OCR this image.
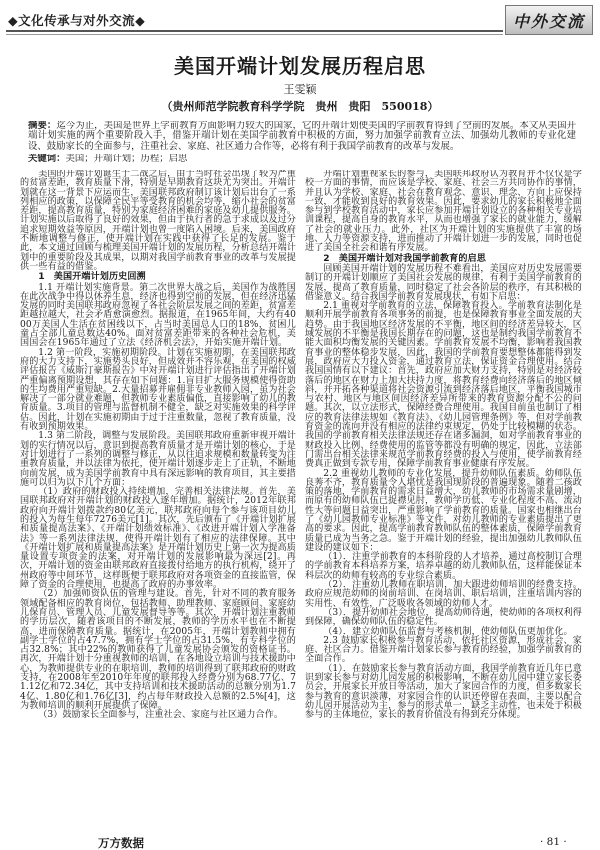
◆文化传承与对外交流◆	中外交流
美国开端计划发展历程启思
王雯颖
（贵州师范学院教育科学学院　贵州　贵阳　550018）
摘要：迄今为止，美国是世界上学前教育方面影响力较大的国家，它的开端计划使美国的学前教育得到了空前的发展。本文从美国开端计划实施的两个重要阶段入手，借鉴开端计划在美国学前教育中积极的方面，努力加强学前教育立法、加强幼儿教师的专业化建设、鼓励家长的全面参与，注重社会、家庭、社区通力合作等，必将有利于我国学前教育的改革与发展。
关键词：美国；开端计划；历程；启思

美国的开端计划诞生于二战之后，由于当时社会出现了较为严重的贫富差距，教育质量下滑，特别是早期教育这块尤为突出。开端计划就在这一背景下应运而生，美国联邦政府制订该计划后出台了一系列相应的政策，以保障全民平等受教育的机会均等，缩小社会的贫富差距，提高教育质量，特别为家庭经济困难的家庭及幼儿提供服务。计划实施以后取得了良好的效果，但由于执行者的急于求成以及过分追求短期效益等原因，开端计划也曾一度陷入困境。后来，美国政府不断地调整与修正，使开端计划在实践中获得了长足的发展。鉴于此，本文通过回顾与梳理美国开端计划的发展历程，分析总结开端计划中的重要阶段及其成果，以期对我国学前教育事业的改革与发展提供一些有益的借鉴。

1　美国开端计划历史回溯

1.1 开端计划实施背景。第二次世界大战之后，美国作为战胜国在此次战争中得以休养生息，经济也得到空前的发展，但在经济迅猛发展的同时美国联邦政府忽视了各社会阶层发展之间的差距，贫富差距越拉越大，社会矛盾愈演愈烈。据报道，在1965年间，大约有4000万美国人生活在贫困线以下，占当时美国总人口的18%，贫困儿童占全部儿童总数达40%。面对贫富差距带来的各种社会危机，美国国会在1965年通过了立法《经济机会法》，开始实施开端计划。

1.2 第一阶段，实施初期阶段。计划在实施初期，在美国联邦政府的大力支持下，实施势头良好，但成效并不容乐观，在美国的权威评估报告《威斯汀豪斯报告》中对开端计划进行评估指出了开端计划严重偏离预期设想，其存在如下问题：1.盲目扩大服务规模使得资助的生均费用严重短缺。2.大量招募并雇佣非专业教师入园，虽为社会解决了一部分就业难题，但教师专业素质偏低，直接影响了幼儿的教育质量。3.项目的管理与监督机制不健全，缺乏对实施效果的科学评估。因此，计划在实施初期由于过于注重数量，忽视了教育质量，没有收到预期效果。

1.3 第二阶段，调整与发展阶段。美国联邦政府重新审视开端计划的实行情况以后，意识到提高教育质量才是开端计划的核心，于是对计划进行了一系列的调整与修正，从以往追求规模和数量转变为注重教育质量，并以法律为依托，使开端计划逐步走上了正轨，不断地向前发展，成为美国学前教育中具有深远影响的教育项目，其主要措施可以归为以下几个方面：

（1）政府的财政投入持续增加，完善相关法律法规。首先，美国联邦政府对开端计划的财政投入逐年增加。据统计，2012年联邦政府向开端计划拨款约80亿美元，联邦政府向每个参与该项目幼儿的投入为每生每年7276美元[1]。其次，先后颁布了《开端计划扩展和质量提高法案》、《开端计划绩效标准》、《改进开端计划入学准备法》等一系列法律法规，使得开端计划有了相应的法律保障。其中《开端计划扩展和质量提高法案》是开端计划历史上第一次为提高质量设置专项资金的法案，对开端计划的发展影响最为深远[2]。再次，开端计划的资金由联邦政府直接拨付给地方的执行机构，绕开了州政府等中间环节，这样既便于联邦政府对各项资金的直接监管，保障了资金的合理使用，也提高了政府的办事效率。

（2）加强师资队伍的管理与建设。首先，针对不同的教育服务领域配备相应的教育岗位，包括教师、助理教师、家庭顾问、家庭幼儿保育员、管理人员、儿童发展督导等等。其次，开端计划注重教师的学历层次，随着该项目的不断发展，教师的学历水平也在不断提高，进而保障教育质量。据统计，在2005年，开端计划教师中拥有副学士学位的占47.7%，拥有学士学位的占31.5%，有专科学位的占32.8%；其中22%的教师获得了儿童发展协会颁发的资格证书。再次，开端计划十分重视教师的培训，在各地设立培训与技术援助中心，为教师提供专业的在职培训，教师的培训得到了联邦政府的财政支持，在2008年至2010年年度的联邦投入经费分别为68.77亿、71.12亿和72.34亿，其中支持培训和技术援助活动的总额分别为1.74亿、1.80亿和1.76亿[3]，约占每年财政投入总额的2.5%[4]，这为教师培训的顺利开展提供了保障。

（3）鼓励家长全面参与，注重社会、家庭与社区通力合作。

开端计划重视家长的参与，美国联邦政府认为教育并不仅仅是学校一方面的事情，而应该是学校、家庭、社会三方共同协作的事情，并且认为学校、家庭、社会在教育观念、意识、理念、方向上应保持一致，才能收到良好的教育效果。因此，要求幼儿的家长积极地全面参与到学校教育活动中，家长应参加开端计划设立的各种相关专业培训课程，提高自身的教育水平，从而也增强了家长的就业能力，缓解了社会的就业压力。此外，社区为开端计划的实施提供了丰富的场地、人力等资源支持，进而推动了开端计划进一步的发展，同时也促进了美国全社会和谐有序发展。

2　美国开端计划对我国学前教育的启思

回顾美国开端计划的发展历程不难看出，美国应对历史发展需要制订的开端计划顺应了美国社会发展的规律，有利于美国学前教育的发展，提高了教育质量，同时稳定了社会各阶层的秩序，有其积极的借鉴意义。结合我国学前教育发展现状，有如下启思：

2.1 重视对学前教育的立法，保障教育投入。学前教育法制化是顺利开展学前教育各项事务的前提，也是保障教育事业全面发展的大趋势。由于我国地区经济发展的不平衡，地区间的经济差异较大，区域发展的不平衡是我国长期存在的问题，这也是制约我国学前教育不能大面积均衡发展的关键因素。学前教育发展不均衡，影响着我国教育事业的整体稳步发展，因此，我国的学前教育要想整体都能得到发展，政府应大力投入资金，通过教育立法，保证资金合理使用。结合我国国情有以下建议：首先，政府应加大财力支持，特别是对经济较落后的地区在财力上加大扶持力度，将教育经费向经济落后的地区倾斜，并开拓各种渠道将社会资源引流到经济落后地区，平衡我国城市与农村、地区与地区间因经济差异所带来的教育资源分配不公的问题。其次，以立法形式，保障经费合理使用。我国目前虽也制订了相应的教育法律法规如《教育法》、《幼儿园管理条例》等，但对学前教育资金的流向并没有相应的法律约束规定，仍处于比较模糊的状态。我国的学前教育相关法律法规还存在诸多漏洞，如对学前教育事业的财政投入比例、经费使用的监管等都没有明确的规定，因此，立法部门需出台相关法律来规范学前教育经费的投入与使用，使学前教育经费真正做到专款专用，保障学前教育事业健康有序发展。

2.2 重视幼儿教师的专业化发展，提升幼师队伍素质。幼师队伍良莠不齐，教育质量令人堪忧是我国现阶段的普遍现象。随着二孩政策的落地，学前教育的需求日益增大，幼儿教师的市场需求量剧增，而原有的幼师队伍已捉襟见肘，教师学历低、专业化程度不高、流动性大等问题日益突出，严重影响了学前教育的质量。国家也相继出台了《幼儿园教师专业标准》等文件，对幼儿教师的专业素质提出了更高的要求。因此，提高学前教育教师队伍的整体素质，保障学前教育质量已成为当务之急。鉴于开端计划的经验，提出加强幼儿教师队伍建设的建议如下：

（1）．注重学前教育的本科阶段的人才培养，通过高校制订合理的学前教育本科培养方案，培养卓越的幼儿教师队伍，这样能保证本科层次的幼师有较高的专业综合素质。

（2）．注重幼儿教师在职培训，加大跟进幼师培训的经费支持。政府应规范幼师的岗前培训、在岗培训、职后培训，注重培训内容的实用性、有效性，广泛吸收各领域的幼师人才。

（3）．提升幼师社会地位，提高幼师待遇，使幼师的各项权利得到保障，确保幼师队伍的稳定性。

（4）．建立幼师队伍监督与考核机制，使幼师队伍更加优化。

2.3 鼓励家长积极参与教育活动，依托社区资源，形成社会、家庭、社区合力。借鉴开端计划家长参与教育的经验，加强学前教育的全面合作。

（1）．在鼓励家长参与教育活动方面，我国学前教育近几年已意识到家长参与对幼儿园发展的积极影响，不断在幼儿园中建立家长委员会，开展家长开放日等活动，加大了家园合作的力度，但多数家长参与教育的意识淡薄，对家园合作的认识还停留在表面，主要以配合幼儿园开展活动为主，参与的形式单一，缺乏主动性，也未处于积极参与的主体地位，家长的教育价值没有得到充分体现。

万方数据	· 81 ·
